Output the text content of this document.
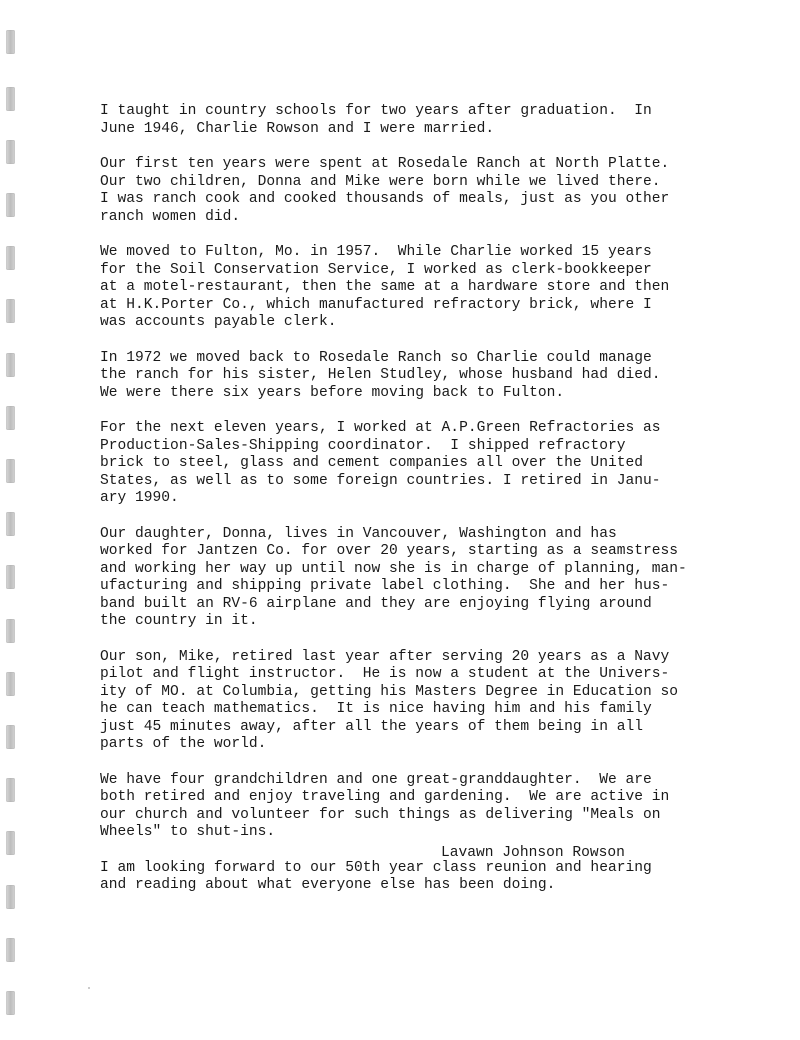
I taught in country schools for two years after graduation.  In
June 1946, Charlie Rowson and I were married.

Our first ten years were spent at Rosedale Ranch at North Platte.
Our two children, Donna and Mike were born while we lived there.
I was ranch cook and cooked thousands of meals, just as you other
ranch women did.

We moved to Fulton, Mo. in 1957.  While Charlie worked 15 years
for the Soil Conservation Service, I worked as clerk-bookkeeper
at a motel-restaurant, then the same at a hardware store and then
at H.K.Porter Co., which manufactured refractory brick, where I
was accounts payable clerk.

In 1972 we moved back to Rosedale Ranch so Charlie could manage
the ranch for his sister, Helen Studley, whose husband had died.
We were there six years before moving back to Fulton.

For the next eleven years, I worked at A.P.Green Refractories as
Production-Sales-Shipping coordinator.  I shipped refractory
brick to steel, glass and cement companies all over the United
States, as well as to some foreign countries. I retired in Janu-
ary 1990.

Our daughter, Donna, lives in Vancouver, Washington and has
worked for Jantzen Co. for over 20 years, starting as a seamstress
and working her way up until now she is in charge of planning, man-
ufacturing and shipping private label clothing.  She and her hus-
band built an RV-6 airplane and they are enjoying flying around
the country in it.

Our son, Mike, retired last year after serving 20 years as a Navy
pilot and flight instructor.  He is now a student at the Univers-
ity of MO. at Columbia, getting his Masters Degree in Education so
he can teach mathematics.  It is nice having him and his family
just 45 minutes away, after all the years of them being in all
parts of the world.

We have four grandchildren and one great-granddaughter.  We are
both retired and enjoy traveling and gardening.  We are active in
our church and volunteer for such things as delivering "Meals on
Wheels" to shut-ins.

I am looking forward to our 50th year class reunion and hearing
and reading about what everyone else has been doing.

Lavawn Johnson Rowson
